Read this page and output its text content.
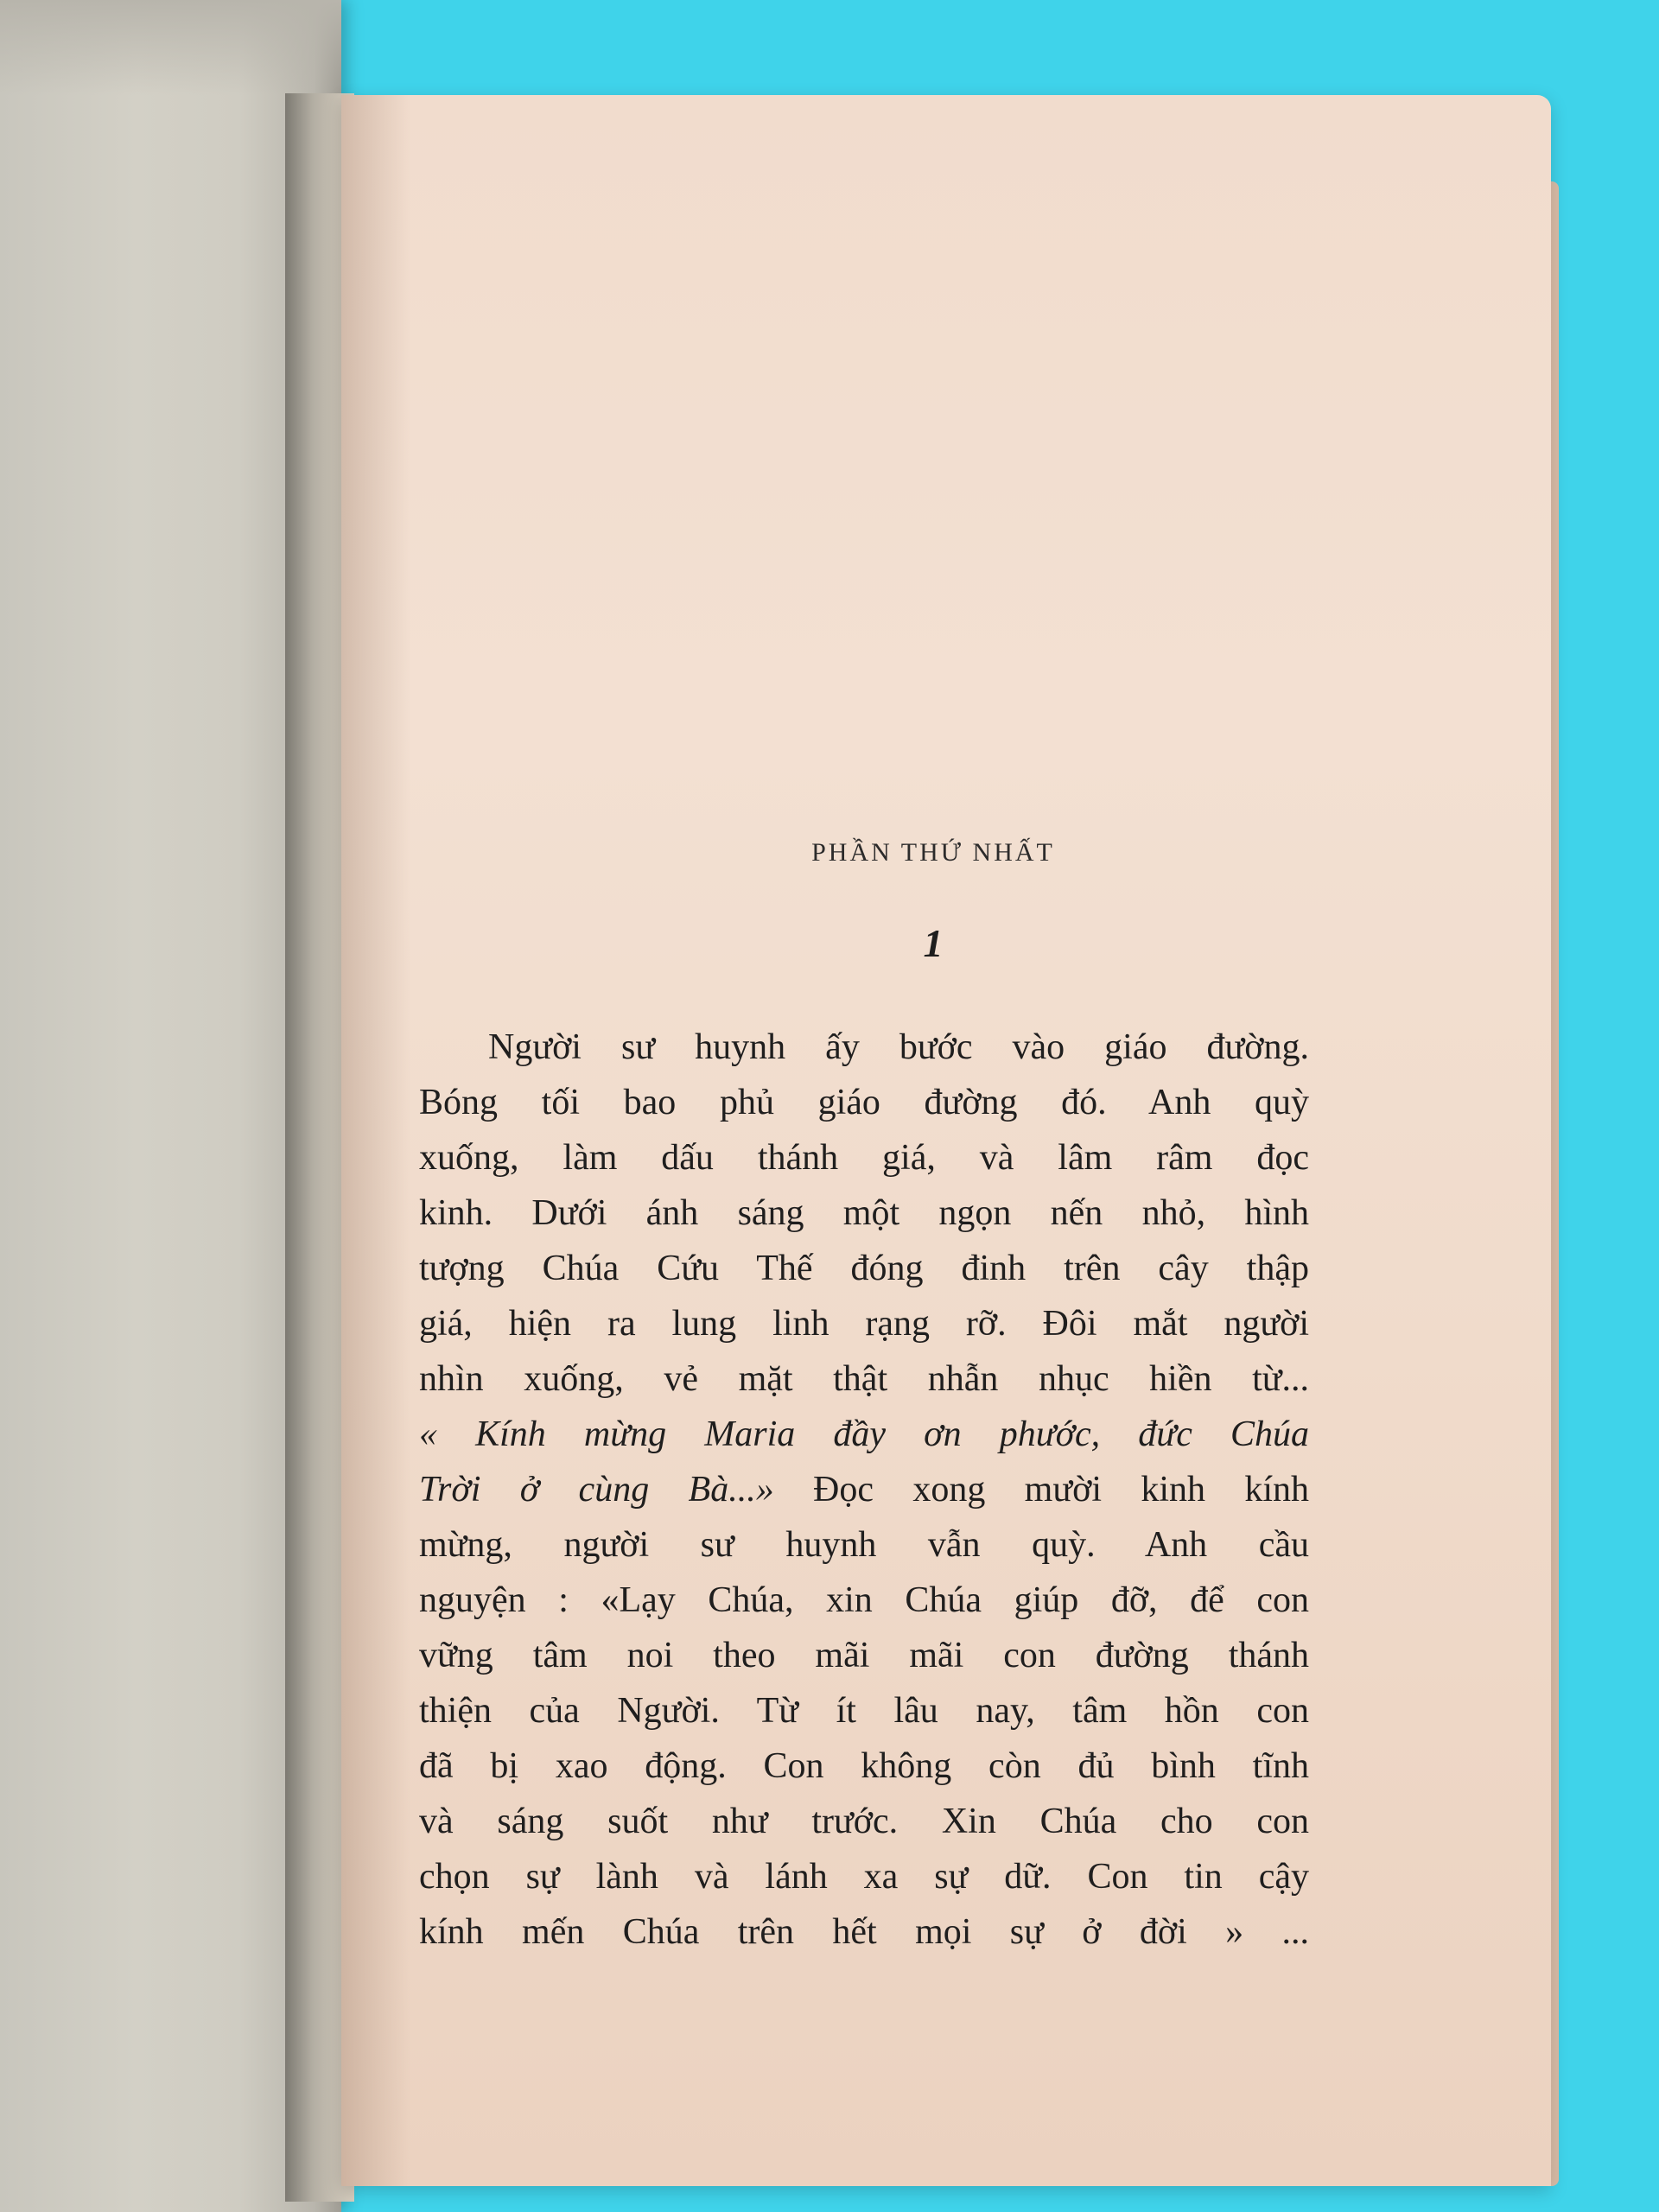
PHẦN THỨ NHẤT
1
Người sư huynh ấy bước vào giáo đường.
Bóng tối bao phủ giáo đường đó. Anh quỳ
xuống, làm dấu thánh giá, và lâm râm đọc
kinh. Dưới ánh sáng một ngọn nến nhỏ, hình
tượng Chúa Cứu Thế đóng đinh trên cây thập
giá, hiện ra lung linh rạng rỡ. Đôi mắt người
nhìn xuống, vẻ mặt thật nhẫn nhục hiền từ...
« Kính mừng Maria đầy ơn phước, đức Chúa
Trời ở cùng Bà...» Đọc xong mười kinh kính
mừng, người sư huynh vẫn quỳ. Anh cầu
nguyện : «Lạy Chúa, xin Chúa giúp đỡ, để con
vững tâm noi theo mãi mãi con đường thánh
thiện của Người. Từ ít lâu nay, tâm hồn con
đã bị xao động. Con không còn đủ bình tĩnh
và sáng suốt như trước. Xin Chúa cho con
chọn sự lành và lánh xa sự dữ. Con tin cậy
kính mến Chúa trên hết mọi sự ở đời » ...
